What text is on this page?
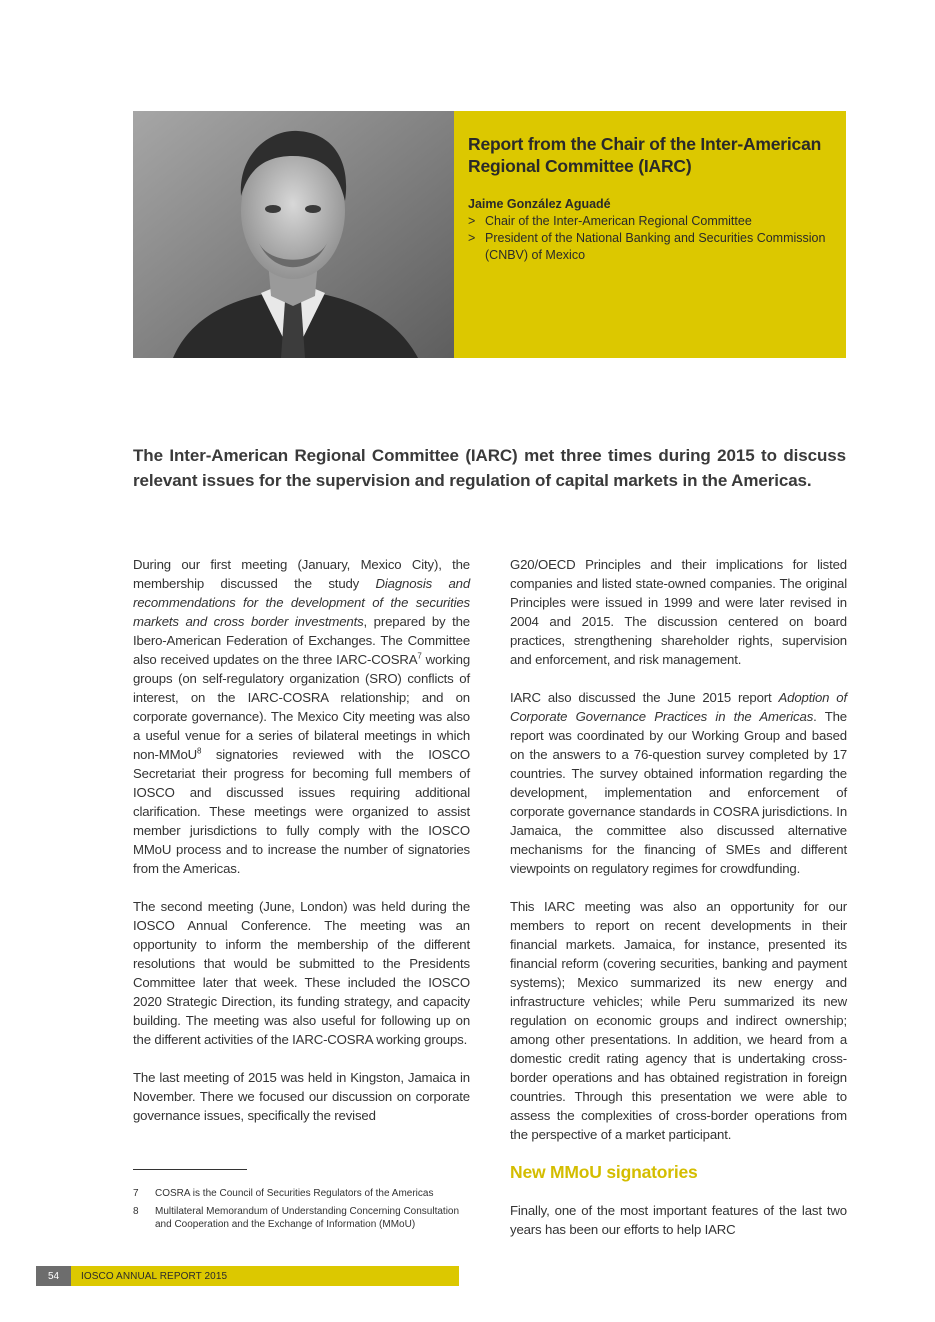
Report from the Chair of the Inter-American Regional Committee (IARC)
Jaime González Aguadé
> Chair of the Inter-American Regional Committee
> President of the National Banking and Securities Commission (CNBV) of Mexico

The Inter-American Regional Committee (IARC) met three times during 2015 to discuss relevant issues for the supervision and regulation of capital markets in the Americas.

During our first meeting (January, Mexico City), the membership discussed the study Diagnosis and recommendations for the development of the securities markets and cross border investments, prepared by the Ibero-American Federation of Exchanges. The Committee also received updates on the three IARC-COSRA$^7$ working groups (on self-regulatory organization (SRO) conflicts of interest, on the IARC-COSRA relationship; and on corporate governance). The Mexico City meeting was also a useful venue for a series of bilateral meetings in which non-MMoU$^8$ signatories reviewed with the IOSCO Secretariat their progress for becoming full members of IOSCO and discussed issues requiring additional clarification. These meetings were organized to assist member jurisdictions to fully comply with the IOSCO MMoU process and to increase the number of signatories from the Americas.

The second meeting (June, London) was held during the IOSCO Annual Conference. The meeting was an opportunity to inform the membership of the different resolutions that would be submitted to the Presidents Committee later that week. These included the IOSCO 2020 Strategic Direction, its funding strategy, and capacity building. The meeting was also useful for following up on the different activities of the IARC-COSRA working groups.

The last meeting of 2015 was held in Kingston, Jamaica in November. There we focused our discussion on corporate governance issues, specifically the revised

G20/OECD Principles and their implications for listed companies and listed state-owned companies. The original Principles were issued in 1999 and were later revised in 2004 and 2015. The discussion centered on board practices, strengthening shareholder rights, supervision and enforcement, and risk management.

IARC also discussed the June 2015 report Adoption of Corporate Governance Practices in the Americas. The report was coordinated by our Working Group and based on the answers to a 76-question survey completed by 17 countries. The survey obtained information regarding the development, implementation and enforcement of corporate governance standards in COSRA jurisdictions. In Jamaica, the committee also discussed alternative mechanisms for the financing of SMEs and different viewpoints on regulatory regimes for crowdfunding.

This IARC meeting was also an opportunity for our members to report on recent developments in their financial markets. Jamaica, for instance, presented its financial reform (covering securities, banking and payment systems); Mexico summarized its new energy and infrastructure vehicles; while Peru summarized its new regulation on economic groups and indirect ownership; among other presentations. In addition, we heard from a domestic credit rating agency that is undertaking cross-border operations and has obtained registration in foreign countries. Through this presentation we were able to assess the complexities of cross-border operations from the perspective of a market participant.

New MMoU signatories

Finally, one of the most important features of the last two years has been our efforts to help IARC

7	COSRA is the Council of Securities Regulators of the Americas
8	Multilateral Memorandum of Understanding Concerning Consultation and Cooperation and the Exchange of Information (MMoU)
54	IOSCO ANNUAL REPORT 2015
